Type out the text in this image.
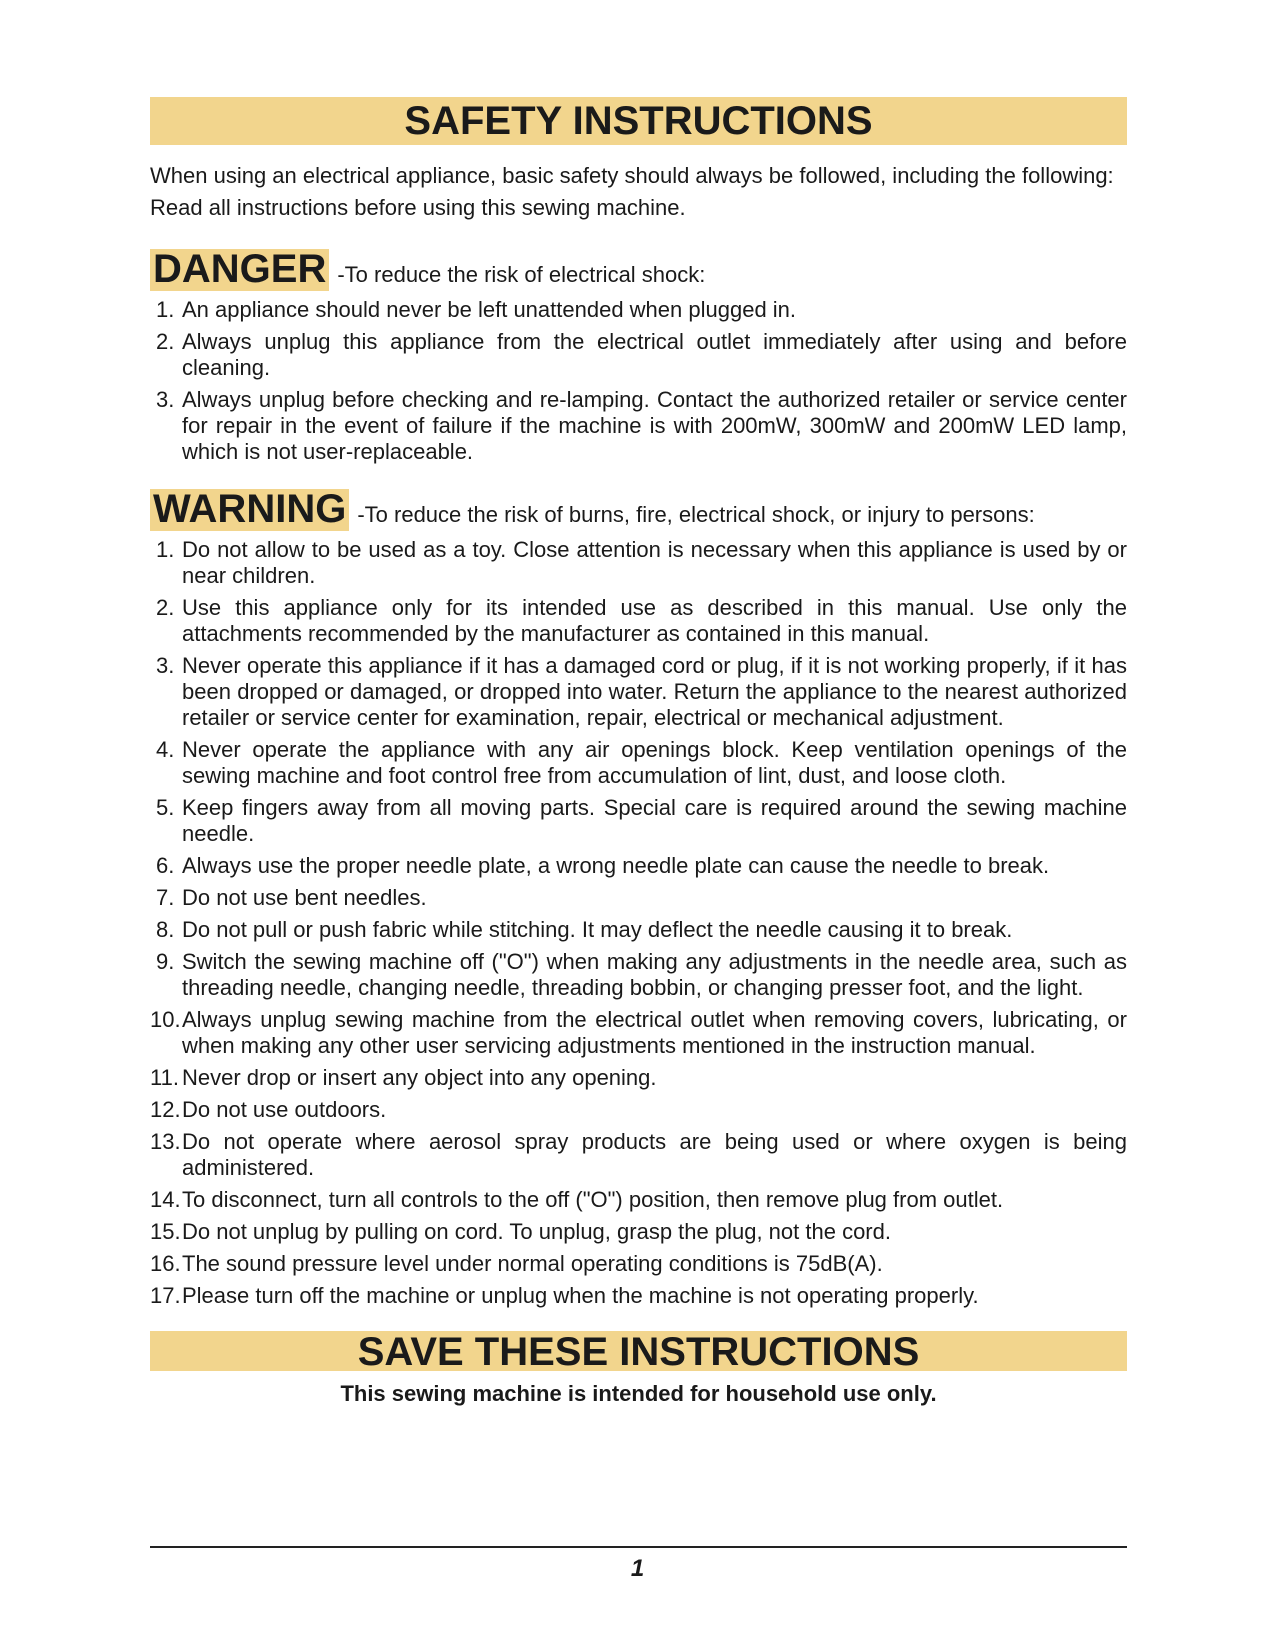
SAFETY INSTRUCTIONS

When using an electrical appliance, basic safety should always be followed, including the following:

Read all instructions before using this sewing machine.

DANGER -To reduce the risk of electrical shock:
1. An appliance should never be left unattended when plugged in.
2. Always unplug this appliance from the electrical outlet immediately after using and before cleaning.
3. Always unplug before checking and re-lamping. Contact the authorized retailer or service center for repair in the event of failure if the machine is with 200mW, 300mW and 200mW LED lamp, which is not user-replaceable.
WARNING -To reduce the risk of burns, fire, electrical shock, or injury to persons:
1. Do not allow to be used as a toy. Close attention is necessary when this appliance is used by or near children.
2. Use this appliance only for its intended use as described in this manual. Use only the attachments recommended by the manufacturer as contained in this manual.
3. Never operate this appliance if it has a damaged cord or plug, if it is not working properly, if it has been dropped or damaged, or dropped into water. Return the appliance to the nearest authorized retailer or service center for examination, repair, electrical or mechanical adjustment.
4. Never operate the appliance with any air openings block. Keep ventilation openings of the sewing machine and foot control free from accumulation of lint, dust, and loose cloth.
5. Keep fingers away from all moving parts. Special care is required around the sewing machine needle.
6. Always use the proper needle plate, a wrong needle plate can cause the needle to break.
7. Do not use bent needles.
8. Do not pull or push fabric while stitching. It may deflect the needle causing it to break.
9. Switch the sewing machine off ("O") when making any adjustments in the needle area, such as threading needle, changing needle, threading bobbin, or changing presser foot, and the light.
10. Always unplug sewing machine from the electrical outlet when removing covers, lubricating, or when making any other user servicing adjustments mentioned in the instruction manual.
11. Never drop or insert any object into any opening.
12. Do not use outdoors.
13. Do not operate where aerosol spray products are being used or where oxygen is being administered.
14. To disconnect, turn all controls to the off ("O") position, then remove plug from outlet.
15. Do not unplug by pulling on cord. To unplug, grasp the plug, not the cord.
16. The sound pressure level under normal operating conditions is 75dB(A).
17. Please turn off the machine or unplug when the machine is not operating properly.
SAVE THESE INSTRUCTIONS
This sewing machine is intended for household use only.
1
